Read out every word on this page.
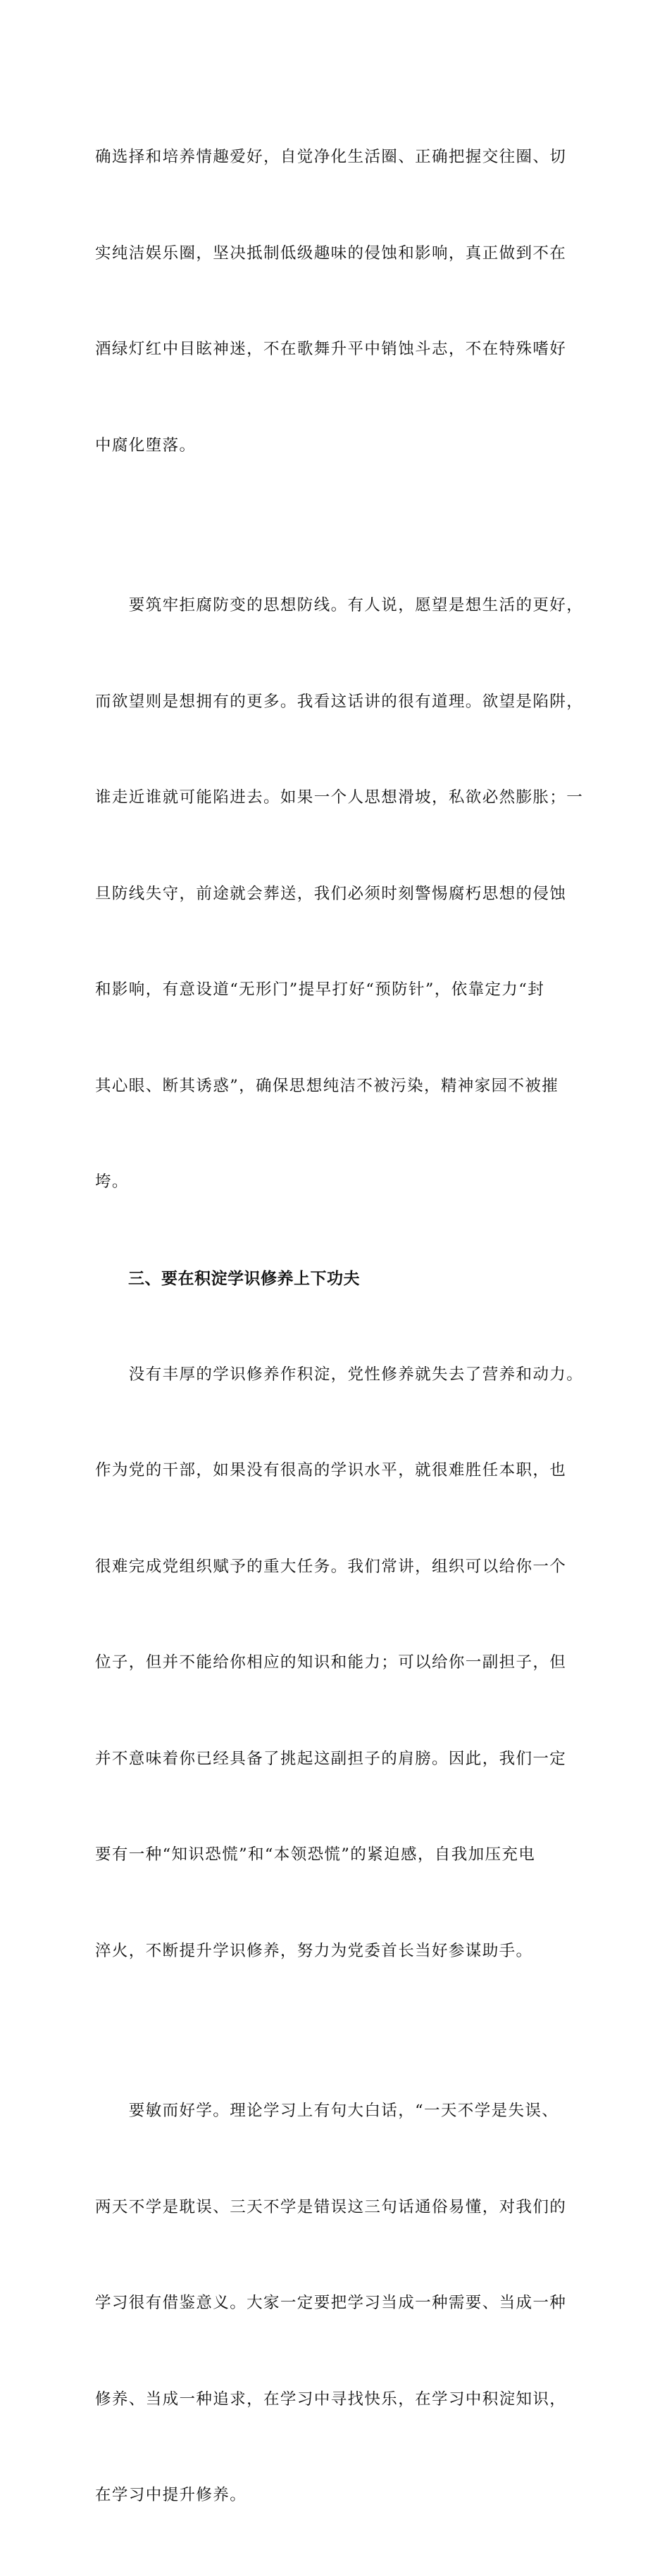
确选择和培养情趣爱好，自觉净化生活圈、正确把握交往圈、切

实纯洁娱乐圈，坚决抵制低级趣味的侵蚀和影响，真正做到不在

酒绿灯红中目眩神迷，不在歌舞升平中销蚀斗志，不在特殊嗜好

中腐化堕落。

　　要筑牢拒腐防变的思想防线。有人说，愿望是想生活的更好，

而欲望则是想拥有的更多。我看这话讲的很有道理。欲望是陷阱，

谁走近谁就可能陷进去。如果一个人思想滑坡，私欲必然膨胀；一

旦防线失守，前途就会葬送，我们必须时刻警惕腐朽思想的侵蚀

和影响，有意设道“无形门”提早打好“预防针”，依靠定力“封

其心眼、断其诱惑”，确保思想纯洁不被污染，精神家园不被摧

垮。

三、要在积淀学识修养上下功夫

　　没有丰厚的学识修养作积淀，党性修养就失去了营养和动力。

作为党的干部，如果没有很高的学识水平，就很难胜任本职，也

很难完成党组织赋予的重大任务。我们常讲，组织可以给你一个

位子，但并不能给你相应的知识和能力；可以给你一副担子，但

并不意味着你已经具备了挑起这副担子的肩膀。因此，我们一定

要有一种“知识恐慌”和“本领恐慌”的紧迫感，自我加压充电

淬火，不断提升学识修养，努力为党委首长当好参谋助手。

　　要敏而好学。理论学习上有句大白话，“一天不学是失误、

两天不学是耽误、三天不学是错误这三句话通俗易懂，对我们的

学习很有借鉴意义。大家一定要把学习当成一种需要、当成一种

修养、当成一种追求，在学习中寻找快乐，在学习中积淀知识，

在学习中提升修养。
